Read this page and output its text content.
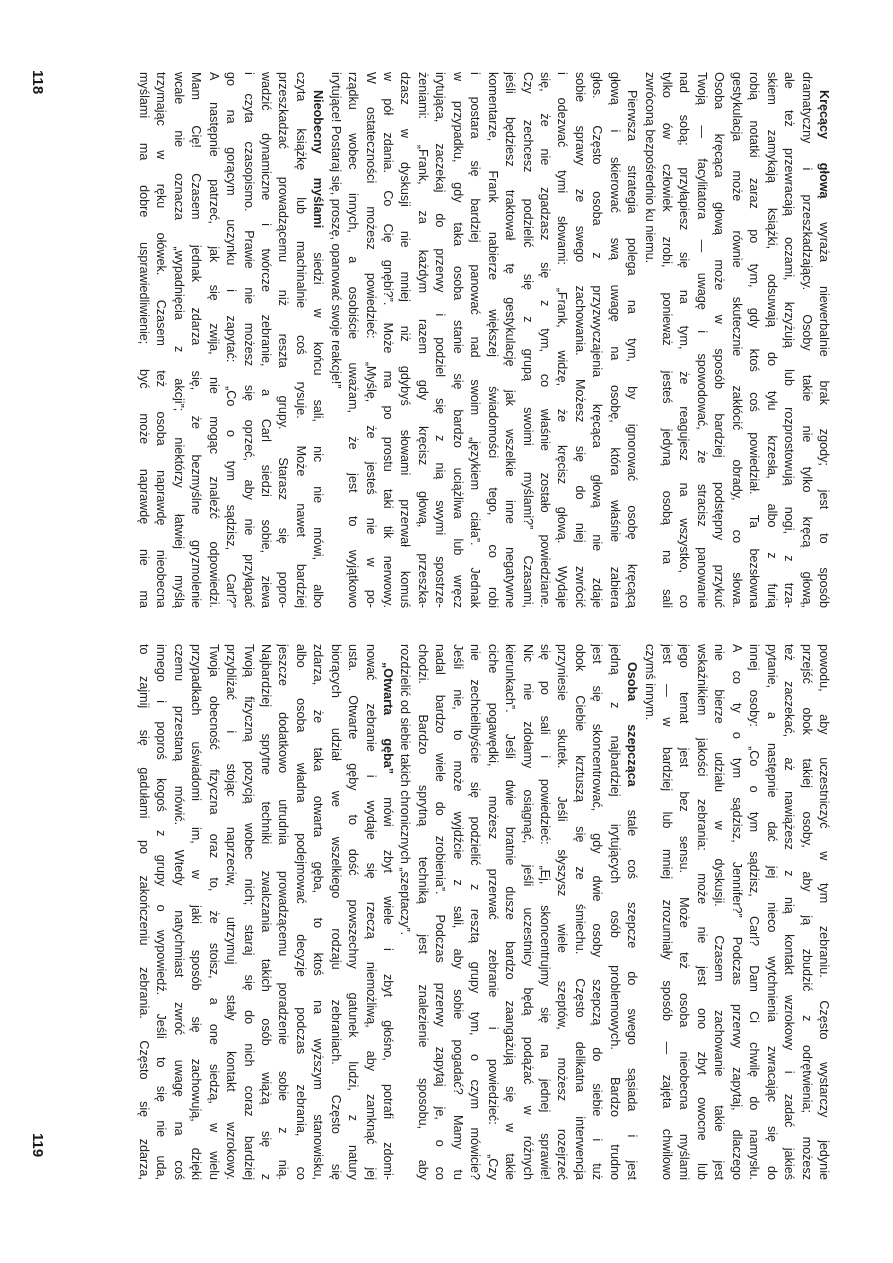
118
119
Kręcący głową wyraża niewerbalnie brak zgody; jest to sposób
dramatyczny i przeszkadzający. Osoby takie nie tylko kręcą głową,
ale też przewracają oczami, krzyżują lub rozprostowują nogi, z trza-
skiem zamykają książki, odsuwają do tyłu krzesła, albo z furią
robią notatki zaraz po tym, gdy ktoś coś powiedział. Ta bezsłowna
gestykulacja może równie skutecznie zakłócić obrady, co słowa.
Osoba kręcąca głową może w sposób bardziej podstępny przykuć
Twoją — facylitatora — uwagę i spowodować, że stracisz panowanie
nad sobą; przyłapiesz się na tym, że reagujesz na wszystko, co
tylko ów człowiek zrobi, ponieważ jesteś jedyną osobą na sali
zwróconą bezpośrednio ku niemu.
Pierwsza strategia polega na tym, by ignorować osobę kręcącą
głową i skierować swą uwagę na osobę, która właśnie zabiera
głos. Często osoba z przyzwyczajenia kręcąca głową nie zdaje
sobie sprawy ze swego zachowania. Możesz się do niej zwrócić
i odezwać tymi słowami: „Frank, widzę, że kręcisz głową. Wydaje
się, że nie zgadzasz się z tym, co właśnie zostało powiedziane.
Czy zechcesz podzielić się z grupą swoimi myślami?” Czasami,
jeśli będziesz traktował tę gestykulację jak wszelkie inne negatywne
komentarze, Frank nabierze większej świadomości tego, co robi
i postara się bardziej panować nad swoim „językiem ciała”. Jednak
w przypadku, gdy taka osoba stanie się bardzo uciążliwa lub wręcz
irytująca, zaczekaj do przerwy i podziel się z nią swymi spostrze-
żeniami: „Frank, za każdym razem gdy kręcisz głową, przeszka-
dzasz w dyskusji nie mniej niż gdybyś słowami przerwał komuś
w pół zdania. Co Cię gnębi?”. Może ma po prostu taki tik nerwowy.
W ostateczności możesz powiedzieć: „Myślę, że jesteś nie w po-
rządku wobec innych, a osobiście uważam, że jest to wyjątkowo
irytujące! Postaraj się, proszę, opanować swoje reakcje!”
Nieobecny myślami siedzi w końcu sali, nic nie mówi, albo
czyta książkę lub machinalnie coś rysuje. Może nawet bardziej
przeszkadzać prowadzącemu niż reszta grupy. Starasz się popro-
wadzić dynamiczne i twórcze zebranie, a Carl siedzi sobie, ziewa
i czyta czasopismo. Prawie nie możesz się oprzeć, aby nie przyłapać
go na gorącym uczynku i zapytać: „Co o tym sądzisz, Carl?”
A następnie patrzeć, jak się zwija, nie mogąc znaleźć odpowiedzi.
Mam Cię! Czasem jednak zdarza się, że bezmyślne gryzmolenie
wcale nie oznacza „wypadnięcia z akcji”; niektórzy łatwiej myślą
trzymając w ręku ołówek. Czasem też osoba naprawdę nieobecna
myślami ma dobre usprawiedliwienie; być może naprawdę nie ma
powodu, aby uczestniczyć w tym zebraniu. Często wystarczy jedynie
przejść obok takiej osoby, aby ją zbudzić z odrętwienia; możesz
też zaczekać, aż nawiążesz z nią kontakt wzrokowy i zadać jakieś
pytanie, a następnie dać jej nieco wytchnienia zwracając się do
innej osoby: „Co o tym sądzisz, Carl? Dam Ci chwilę do namysłu.
A co ty o tym sądzisz, Jennifer?” Podczas przerwy zapytaj, dlaczego
nie bierze udziału w dyskusji. Czasem zachowanie takie jest
wskaźnikiem jakości zebrania: może nie jest ono zbyt owocne lub
jego temat jest bez sensu. Może też osoba nieobecna myślami
jest — w bardziej lub mniej zrozumiały sposób — zajęta chwilowo
czymś innym.
Osoba szepcząca stale coś szepcze do swego sąsiada i jest
jedną z najbardziej irytujących osób problemowych. Bardzo trudno
jest się skoncentrować, gdy dwie osoby szepczą do siebie i tuż
obok Ciebie krztuszą się ze śmiechu. Często delikatna interwencja
przyniesie skutek. Jeśli słyszysz wiele szeptów, możesz rozejrzeć
się po sali i powiedzieć: „Ej, skoncentrujmy się na jednej sprawie!
Nic nie zdołamy osiągnąć, jeśli uczestnicy będą podążać w różnych
kierunkach”. Jeśli dwie bratnie dusze bardzo zaangażują się w takie
ciche pogawędki, możesz przerwać zebranie i powiedzieć: „Czy
nie zechcielibyście się podzielić z resztą grupy tym, o czym mówicie?
Jeśli nie, to może wyjdźcie z sali, aby sobie pogadać? Mamy tu
nadal bardzo wiele do zrobienia”. Podczas przerwy zapytaj je, o co
chodzi. Bardzo sprytną techniką jest znalezienie sposobu, aby
rozdzielić od siebie takich chronicznych „szeptaczy”.
„Otwarta gęba” mówi zbyt wiele i zbyt głośno, potrafi zdomi-
nować zebranie i wydaje się rzeczą niemożliwą, aby zamknąć jej
usta. Otwarte gęby to dość powszechny gatunek ludzi, z natury
biorących udział we wszelkiego rodzaju zebraniach. Często się
zdarza, że taka otwarta gęba, to ktoś na wyższym stanowisku,
albo osoba władna podejmować decyzje podczas zebrania, co
jeszcze dodatkowo utrudnia prowadzącemu poradzenie sobie z nią.
Najbardziej sprytne techniki zwalczania takich osób wiążą się z
Twoją fizyczną pozycją wobec nich; staraj się do nich coraz bardziej
przybliżać i stojąc naprzeciw, utrzymuj stały kontakt wzrokowy.
Twoja obecność fizyczna oraz to, że stoisz, a one siedzą, w wielu
przypadkach uświadomi im, w jaki sposób się zachowują, dzięki
czemu przestaną mówić. Wtedy natychmiast zwróć uwagę na coś
innego i poproś kogoś z grupy o wypowiedź. Jeśli to się nie uda,
to zajmij się gadułami po zakończeniu zebrania. Często się zdarza,
